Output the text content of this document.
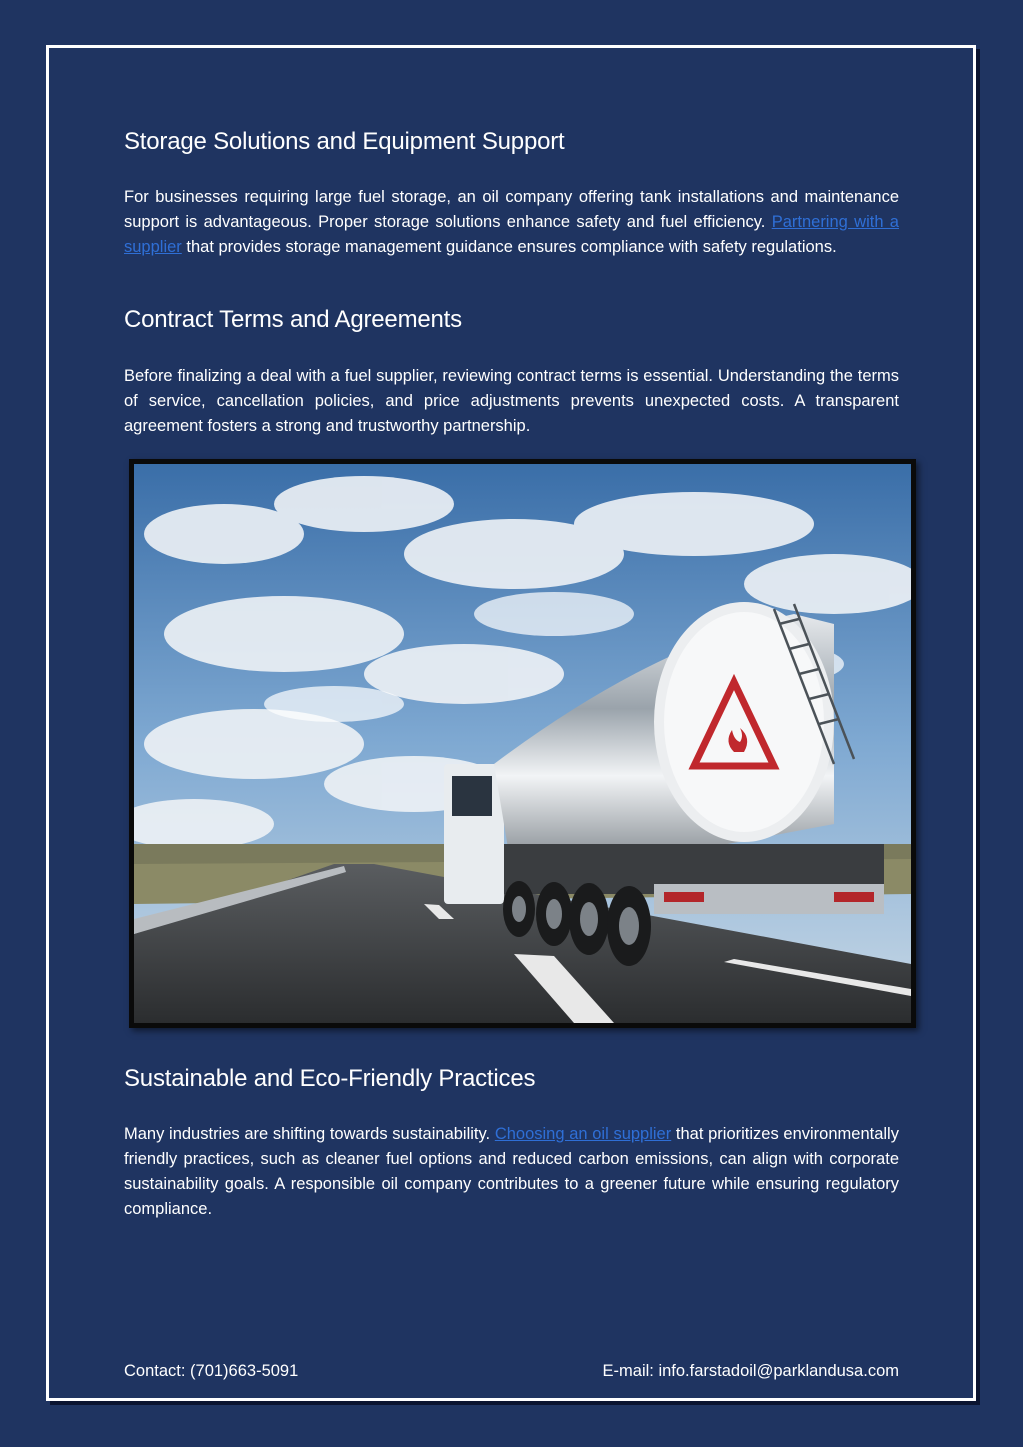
Storage Solutions and Equipment Support

For businesses requiring large fuel storage, an oil company offering tank installations and maintenance support is advantageous. Proper storage solutions enhance safety and fuel efficiency. Partnering with a supplier that provides storage management guidance ensures compliance with safety regulations.

Contract Terms and Agreements

Before finalizing a deal with a fuel supplier, reviewing contract terms is essential. Understanding the terms of service, cancellation policies, and price adjustments prevents unexpected costs. A transparent agreement fosters a strong and trustworthy partnership.

Sustainable and Eco-Friendly Practices

Many industries are shifting towards sustainability. Choosing an oil supplier that prioritizes environmentally friendly practices, such as cleaner fuel options and reduced carbon emissions, can align with corporate sustainability goals. A responsible oil company contributes to a greener future while ensuring regulatory compliance.

Contact: (701)663-5091	E-mail: info.farstadoil@parklandusa.com
